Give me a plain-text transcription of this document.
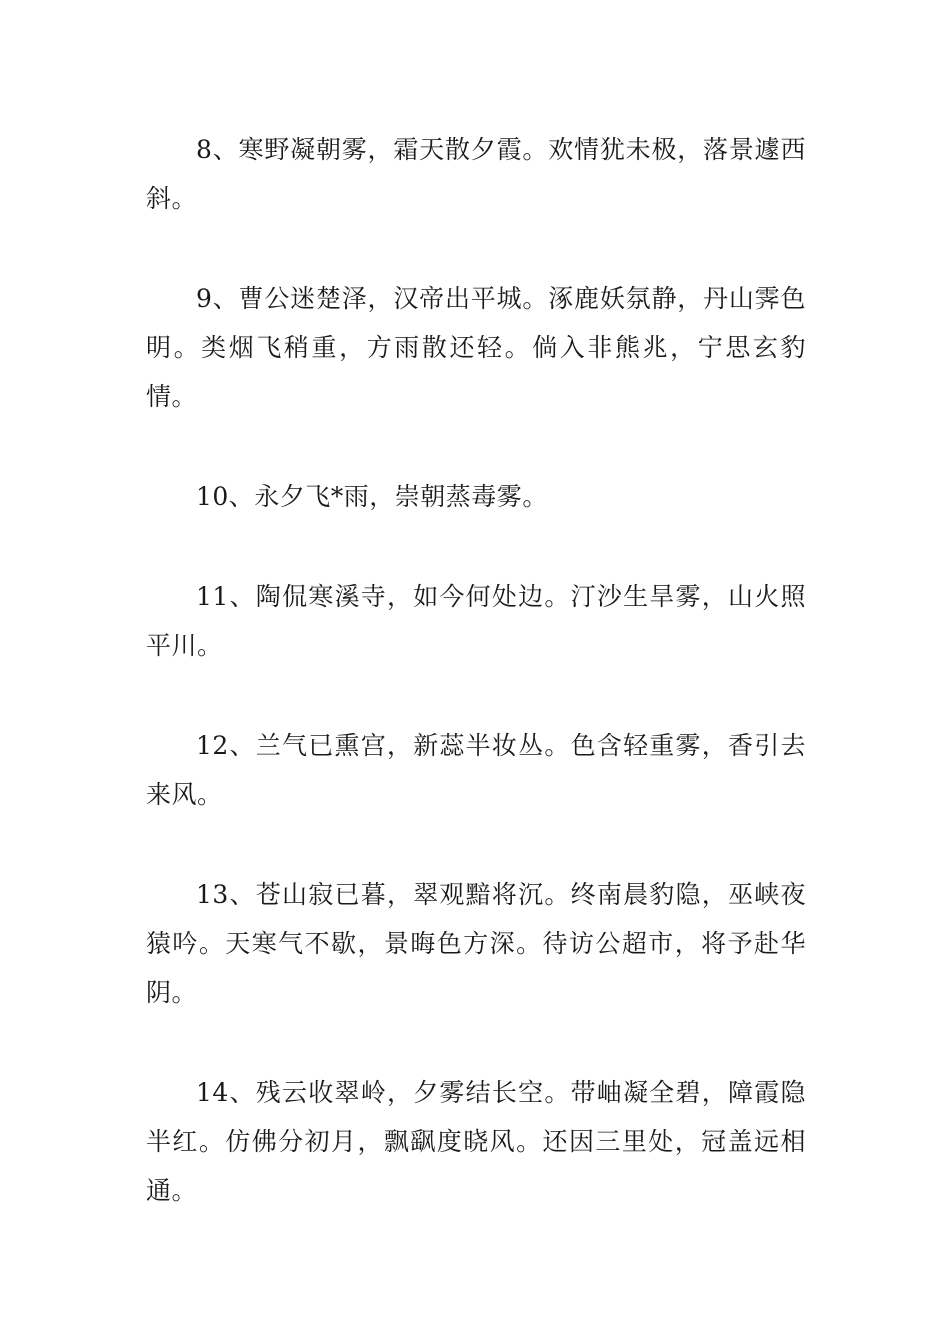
8、寒野凝朝雾，霜天散夕霞。欢情犹未极，落景遽西斜。

9、曹公迷楚泽，汉帝出平城。涿鹿妖氛静，丹山霁色明。类烟飞稍重，方雨散还轻。倘入非熊兆，宁思玄豹情。

10、永夕飞*雨，崇朝蒸毒雾。

11、陶侃寒溪寺，如今何处边。汀沙生旱雾，山火照平川。

12、兰气已熏宫，新蕊半妆丛。色含轻重雾，香引去来风。

13、苍山寂已暮，翠观黯将沉。终南晨豹隐，巫峡夜猿吟。天寒气不歇，景晦色方深。待访公超市，将予赴华阴。

14、残云收翠岭，夕雾结长空。带岫凝全碧，障霞隐半红。仿佛分初月，飘飖度晓风。还因三里处，冠盖远相通。
